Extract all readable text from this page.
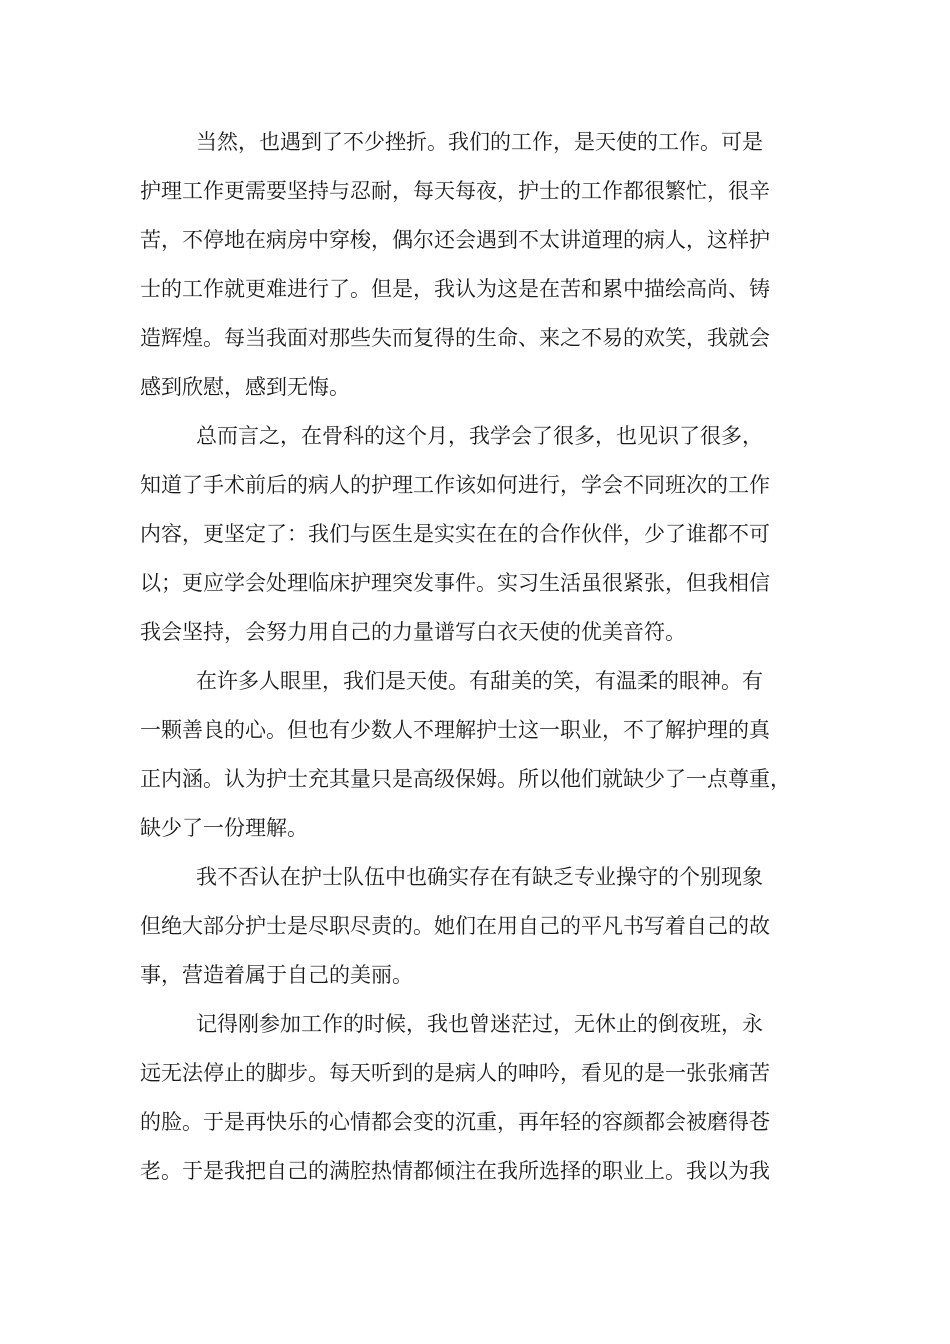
当然，也遇到了不少挫折。我们的工作，是天使的工作。可是
护理工作更需要坚持与忍耐，每天每夜，护士的工作都很繁忙，很辛
苦，不停地在病房中穿梭，偶尔还会遇到不太讲道理的病人，这样护
士的工作就更难进行了。但是，我认为这是在苦和累中描绘高尚、铸
造辉煌。每当我面对那些失而复得的生命、来之不易的欢笑，我就会
感到欣慰，感到无悔。
总而言之，在骨科的这个月，我学会了很多，也见识了很多，
知道了手术前后的病人的护理工作该如何进行，学会不同班次的工作
内容，更坚定了：我们与医生是实实在在的合作伙伴，少了谁都不可
以；更应学会处理临床护理突发事件。实习生活虽很紧张，但我相信
我会坚持，会努力用自己的力量谱写白衣天使的优美音符。
在许多人眼里，我们是天使。有甜美的笑，有温柔的眼神。有
一颗善良的心。但也有少数人不理解护士这一职业，不了解护理的真
正内涵。认为护士充其量只是高级保姆。所以他们就缺少了一点尊重，
缺少了一份理解。
我不否认在护士队伍中也确实存在有缺乏专业操守的个别现象
但绝大部分护士是尽职尽责的。她们在用自己的平凡书写着自己的故
事，营造着属于自己的美丽。
记得刚参加工作的时候，我也曾迷茫过，无休止的倒夜班，永
远无法停止的脚步。每天听到的是病人的呻吟，看见的是一张张痛苦
的脸。于是再快乐的心情都会变的沉重，再年轻的容颜都会被磨得苍
老。于是我把自己的满腔热情都倾注在我所选择的职业上。我以为我
